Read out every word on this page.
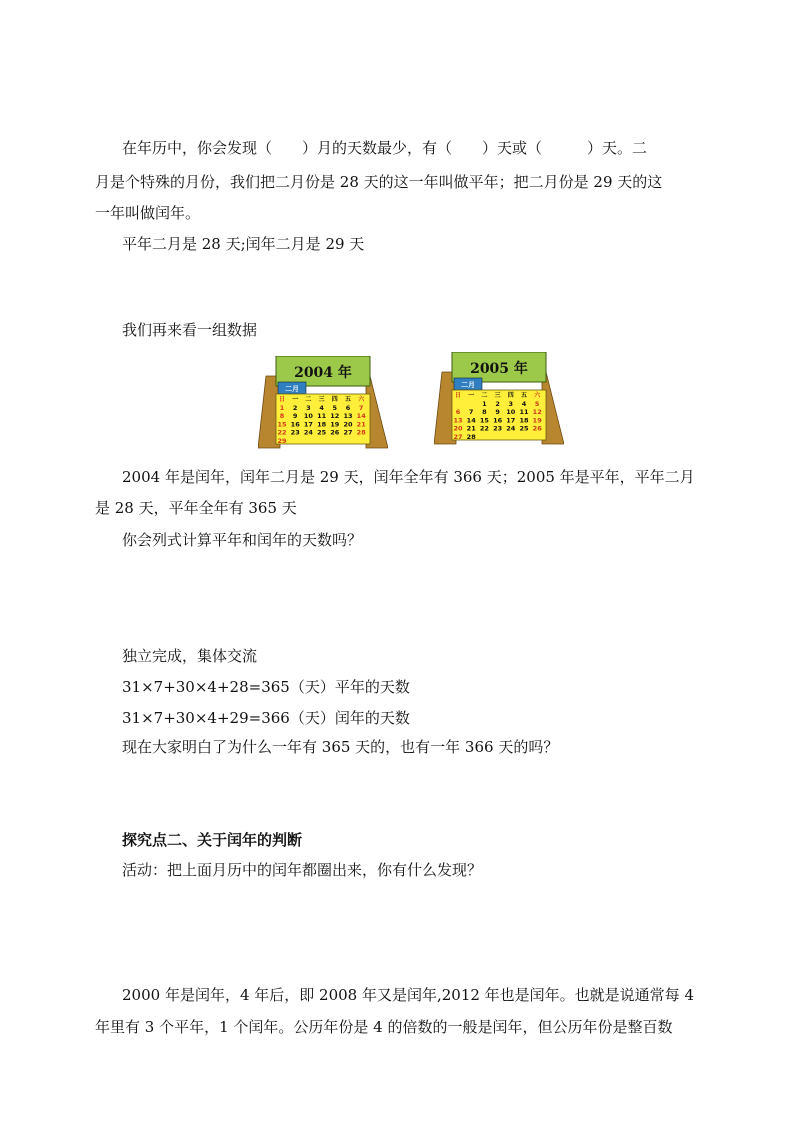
在年历中，你会发现（　　）月的天数最少，有（　　）天或（　　　）天。二
月是个特殊的月份，我们把二月份是 28 天的这一年叫做平年；把二月份是 29 天的这
一年叫做闰年。
平年二月是 28 天;闰年二月是 29 天
我们再来看一组数据
2004 年
二月
日 一 二 三 四 五 六
1 2 3 4 5 6 7
8 9 10 11 12 13 14
15 16 17 18 19 20 21
22 23 24 25 26 27 28
29
2005 年
二月
日 一 二 三 四 五 六
1 2 3 4 5
6 7 8 9 10 11 12
13 14 15 16 17 18 19
20 21 22 23 24 25 26
27 28
2004 年是闰年，闰年二月是 29 天，闰年全年有 366 天；2005 年是平年，平年二月
是 28 天，平年全年有 365 天
你会列式计算平年和闰年的天数吗？
独立完成，集体交流
31×7+30×4+28=365（天）平年的天数
31×7+30×4+29=366（天）闰年的天数
现在大家明白了为什么一年有 365 天的，也有一年 366 天的吗？
探究点二、关于闰年的判断
活动：把上面月历中的闰年都圈出来，你有什么发现？
2000 年是闰年，4 年后，即 2008 年又是闰年,2012 年也是闰年。也就是说通常每 4
年里有 3 个平年，1 个闰年。公历年份是 4 的倍数的一般是闰年，但公历年份是整百数
